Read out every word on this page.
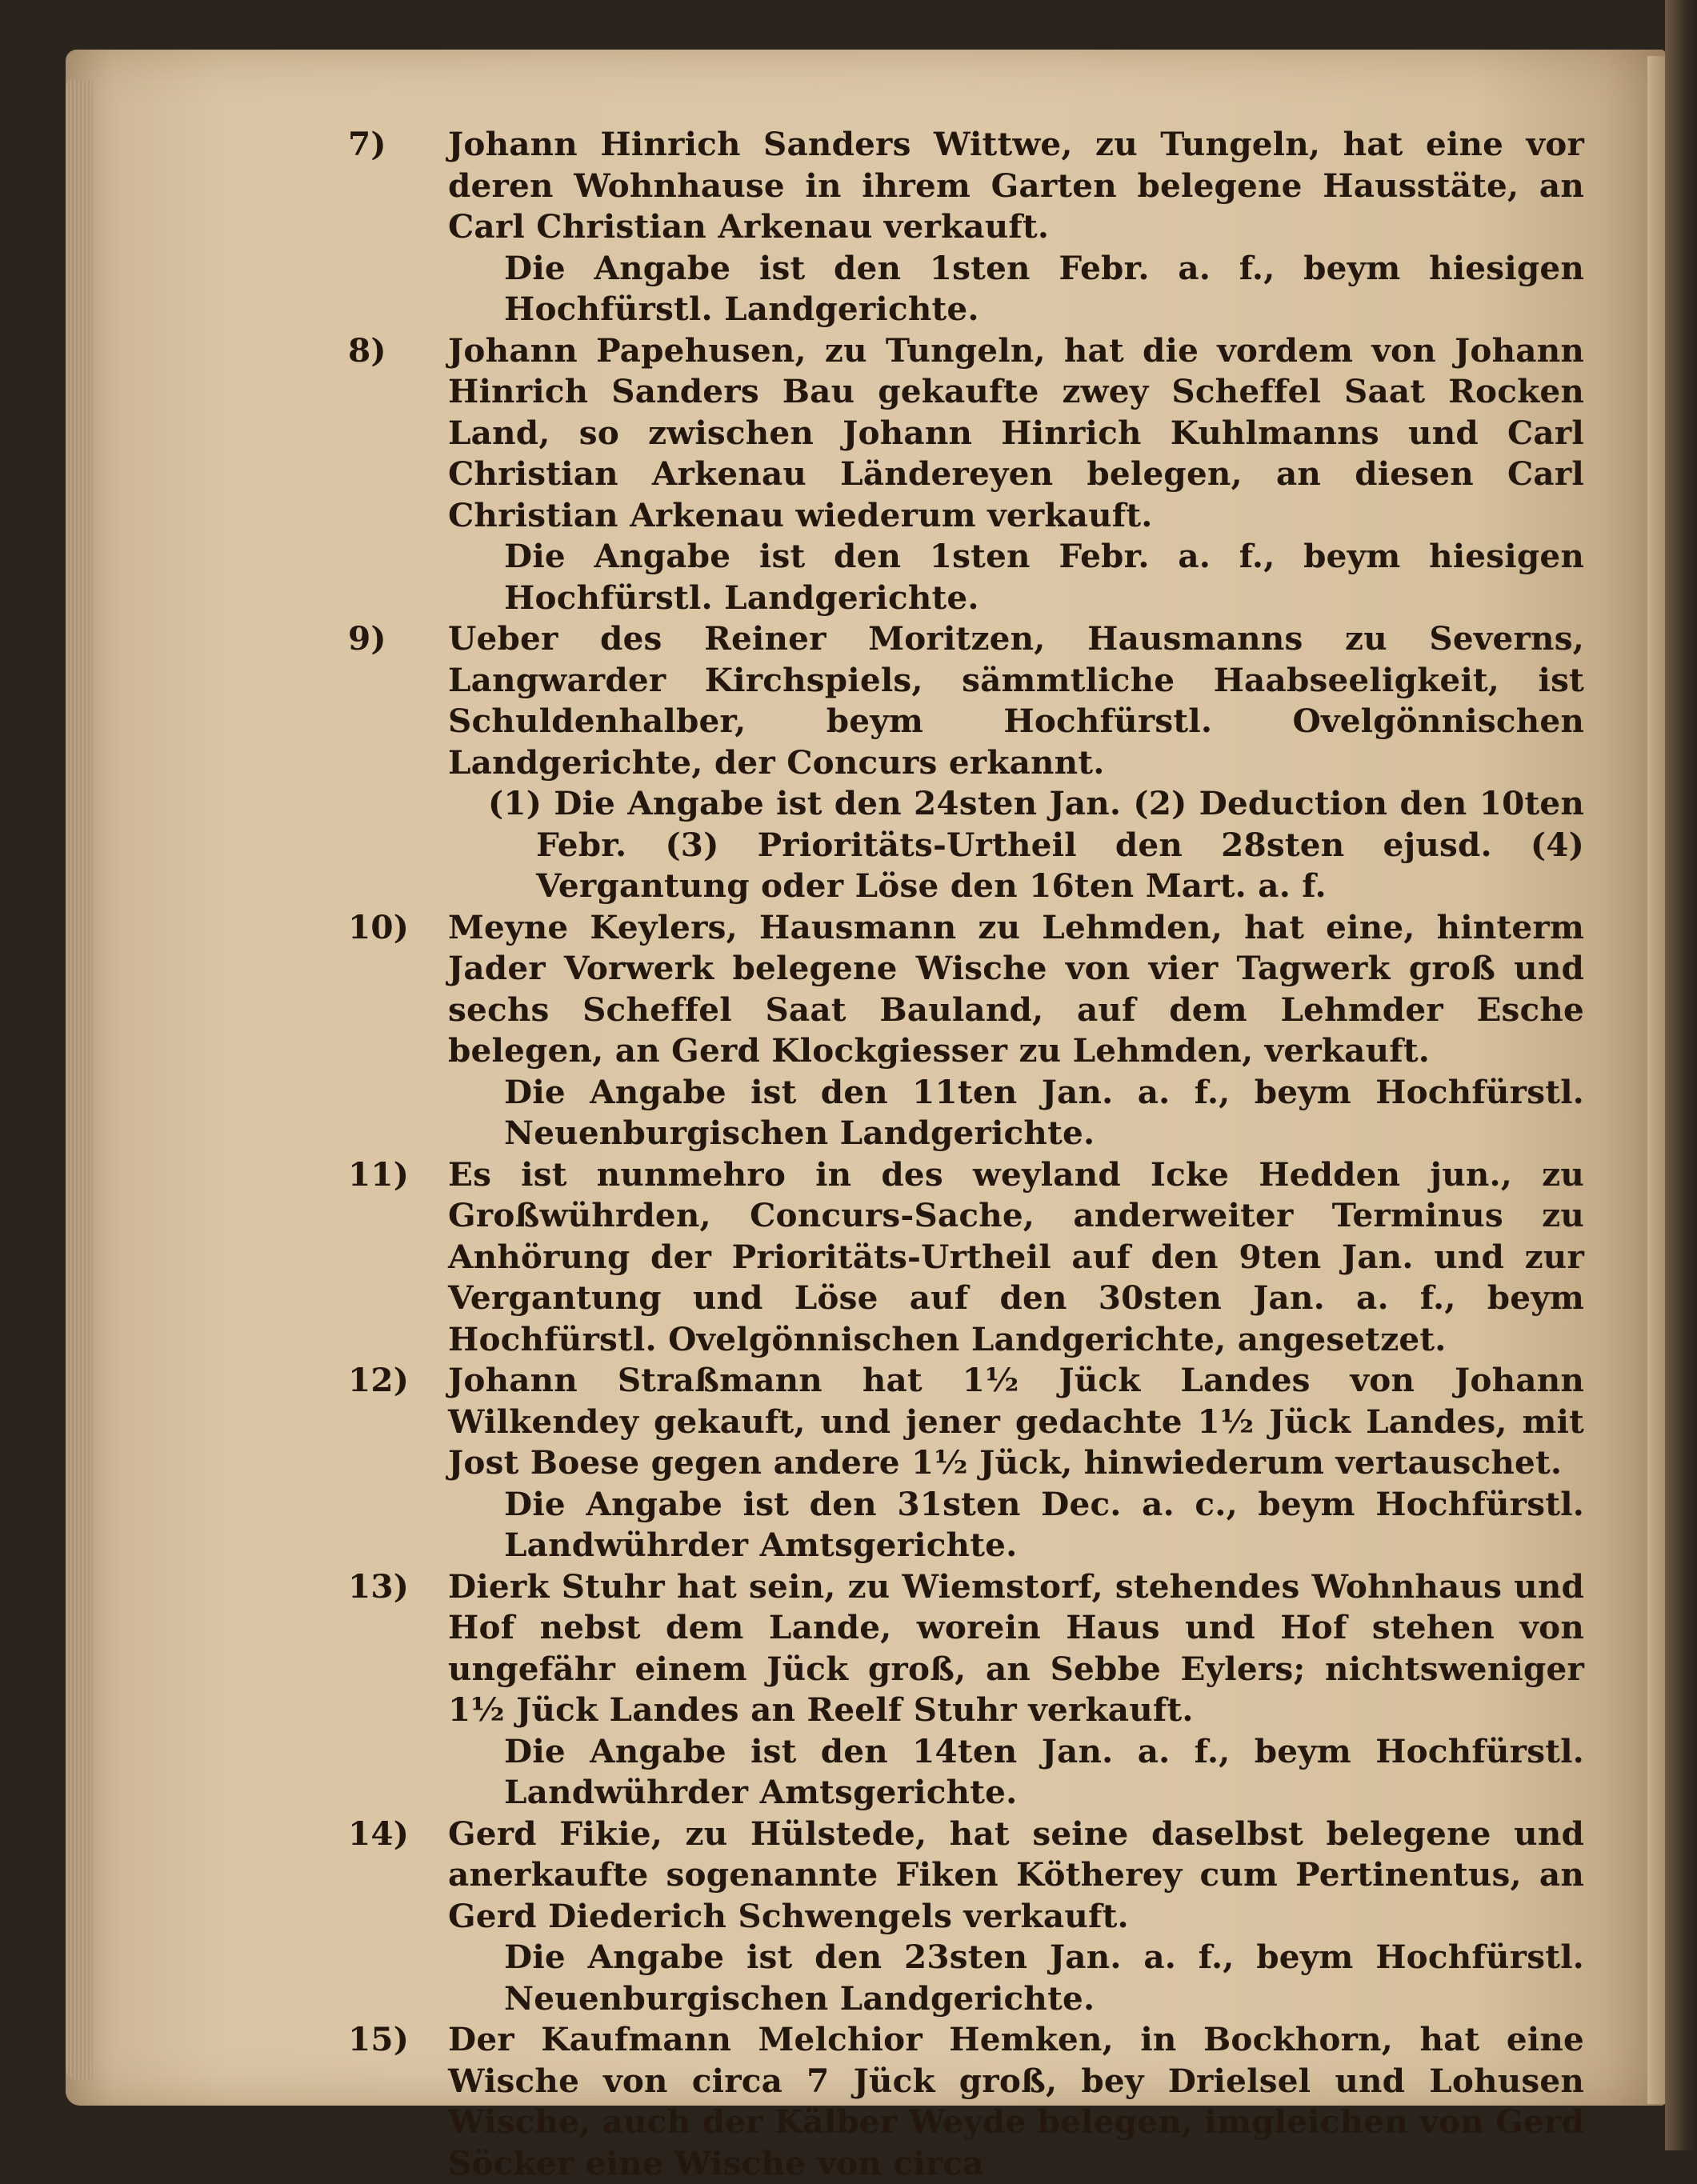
7)	Johann Hinrich Sanders Wittwe, zu Tungeln, hat eine vor deren Wohnhause in ihrem Garten belegene Hausstäte, an Carl Christian Arkenau verkauft.
Die Angabe ist den 1sten Febr. a. f., beym hiesigen Hochfürstl. Landgerichte.
8)	Johann Papehusen, zu Tungeln, hat die vordem von Johann Hinrich Sanders Bau gekaufte zwey Scheffel Saat Rocken Land, so zwischen Johann Hinrich Kuhlmanns und Carl Christian Arkenau Ländereyen belegen, an diesen Carl Christian Arkenau wiederum verkauft.
Die Angabe ist den 1sten Febr. a. f., beym hiesigen Hochfürstl. Landgerichte.
9)	Ueber des Reiner Moritzen, Hausmanns zu Severns, Langwarder Kirchspiels, sämmtliche Haabseeligkeit, ist Schuldenhalber, beym Hochfürstl. Ovelgönnischen Landgerichte, der Concurs erkannt.
(1) Die Angabe ist den 24sten Jan. (2) Deduction den 10ten Febr. (3) Prioritäts-Urtheil den 28sten ejusd. (4) Vergantung oder Löse den 16ten Mart. a. f.
10)	Meyne Keylers, Hausmann zu Lehmden, hat eine, hinterm Jader Vorwerk belegene Wische von vier Tagwerk groß und sechs Scheffel Saat Bauland, auf dem Lehmder Esche belegen, an Gerd Klockgiesser zu Lehmden, verkauft.
Die Angabe ist den 11ten Jan. a. f., beym Hochfürstl. Neuenburgischen Landgerichte.
11)	Es ist nunmehro in des weyland Icke Hedden jun., zu Großwührden, Concurs-Sache, anderweiter Terminus zu Anhörung der Prioritäts-Urtheil auf den 9ten Jan. und zur Vergantung und Löse auf den 30sten Jan. a. f., beym Hochfürstl. Ovelgönnischen Landgerichte, angesetzet.
12)	Johann Straßmann hat 1½ Jück Landes von Johann Wilkendey gekauft, und jener gedachte 1½ Jück Landes, mit Jost Boese gegen andere 1½ Jück, hinwiederum vertauschet.
Die Angabe ist den 31sten Dec. a. c., beym Hochfürstl. Landwührder Amtsgerichte.
13)	Dierk Stuhr hat sein, zu Wiemstorf, stehendes Wohnhaus und Hof nebst dem Lande, worein Haus und Hof stehen von ungefähr einem Jück groß, an Sebbe Eylers; nichtsweniger 1½ Jück Landes an Reelf Stuhr verkauft.
Die Angabe ist den 14ten Jan. a. f., beym Hochfürstl. Landwührder Amtsgerichte.
14)	Gerd Fikie, zu Hülstede, hat seine daselbst belegene und anerkaufte sogenannte Fiken Kötherey cum Pertinentus, an Gerd Diederich Schwengels verkauft.
Die Angabe ist den 23sten Jan. a. f., beym Hochfürstl. Neuenburgischen Landgerichte.
15)	Der Kaufmann Melchior Hemken, in Bockhorn, hat eine Wische von circa 7 Jück groß, bey Drielsel und Lohusen Wische, auch der Kälber Weyde belegen, imgleichen von Gerd Söcker eine Wische von circa
